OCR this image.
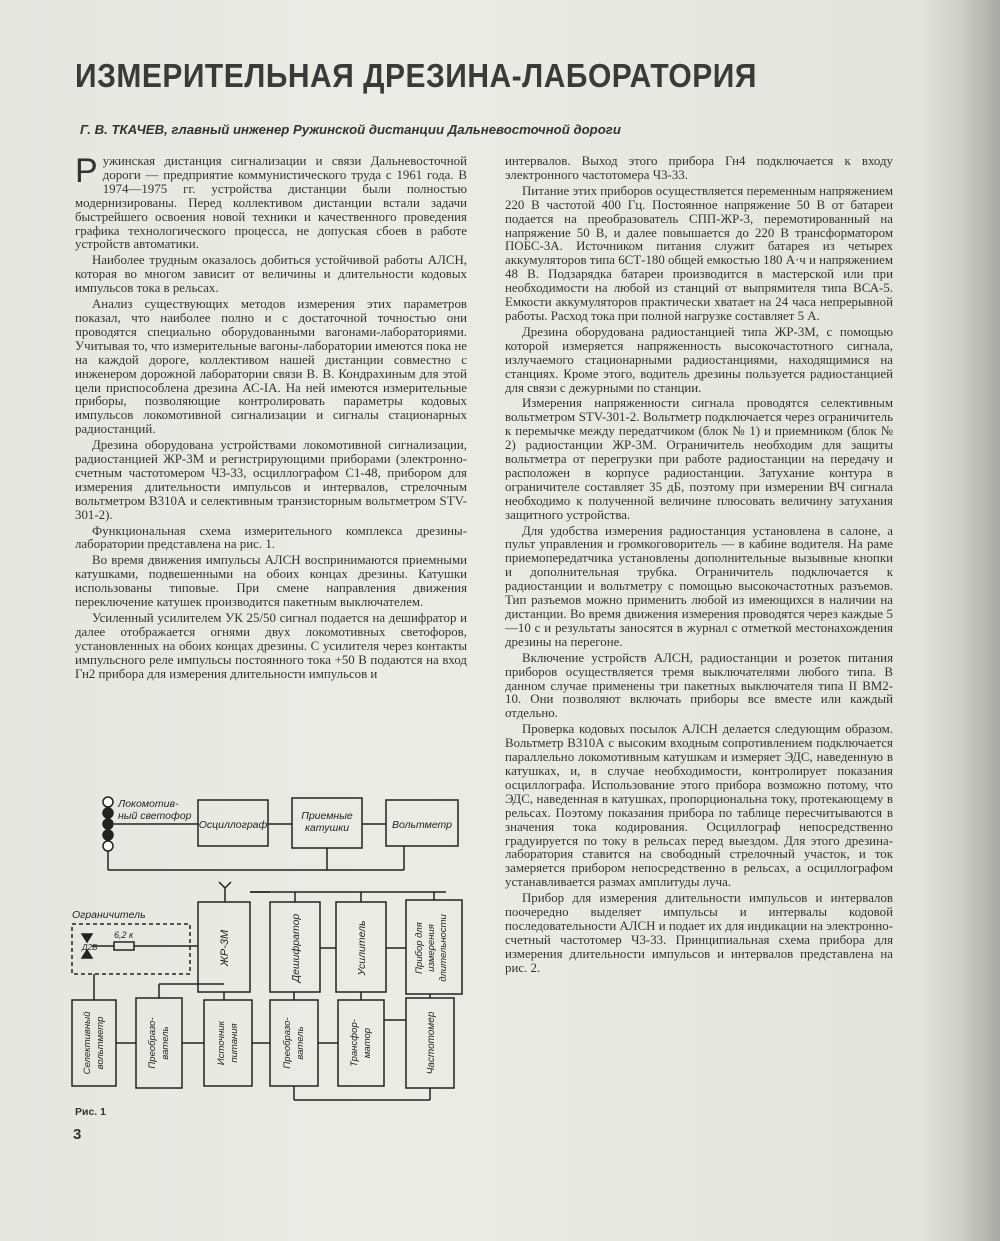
ИЗМЕРИТЕЛЬНАЯ ДРЕЗИНА-ЛАБОРАТОРИЯ
Г. В. ТКАЧЕВ, главный инженер Ружинской дистанции Дальневосточной дороги

Ружинская дистанция сигнализации и связи Дальневосточной дороги — предприятие коммунистического труда с 1961 года. В 1974—1975 гг. устройства дистанции были полностью модернизированы. Перед коллективом дистанции встали задачи быстрейшего освоения новой техники и качественного проведения графика технологического процесса, не допуская сбоев в работе устройств автоматики.

Наиболее трудным оказалось добиться устойчивой работы АЛСН, которая во многом зависит от величины и длительности кодовых импульсов тока в рельсах.

Анализ существующих методов измерения этих параметров показал, что наиболее полно и с достаточной точностью они проводятся специально оборудованными вагонами-лабораториями. Учитывая то, что измерительные вагоны-лаборатории имеются пока не на каждой дороге, коллективом нашей дистанции совместно с инженером дорожной лаборатории связи В. В. Кондрахиным для этой цели приспособлена дрезина АС-IА. На ней имеются измерительные приборы, позволяющие контролировать параметры кодовых импульсов локомотивной сигнализации и сигналы стационарных радиостанций.

Дрезина оборудована устройствами локомотивной сигнализации, радиостанцией ЖР-3М и регистрирующими приборами (электронно-счетным частотомером Ч3-33, осциллографом С1-48, прибором для измерения длительности импульсов и интервалов, стрелочным вольтметром В310А и селективным транзисторным вольтметром STV-301-2).

Функциональная схема измерительного комплекса дрезины-лаборатории представлена на рис. 1.

Во время движения импульсы АЛСН воспринимаются приемными катушками, подвешенными на обоих концах дрезины. Катушки использованы типовые. При смене направления движения переключение катушек производится пакетным выключателем.

Усиленный усилителем УК 25/50 сигнал подается на дешифратор и далее отображается огнями двух локомотивных светофоров, установленных на обоих концах дрезины. С усилителя через контакты импульсного реле импульсы постоянного тока +50 В подаются на вход Гн2 прибора для измерения длительности импульсов и

интервалов. Выход этого прибора Гн4 подключается к входу электронного частотомера Ч3-33.

Питание этих приборов осуществляется переменным напряжением 220 В частотой 400 Гц. Постоянное напряжение 50 В от батареи подается на преобразователь СПП-ЖР-3, перемотированный на напряжение 50 В, и далее повышается до 220 В трансформатором ПОБС-3А. Источником питания служит батарея из четырех аккумуляторов типа 6СТ-180 общей емкостью 180 А·ч и напряжением 48 В. Подзарядка батареи производится в мастерской или при необходимости на любой из станций от выпрямителя типа ВСА-5. Емкости аккумуляторов практически хватает на 24 часа непрерывной работы. Расход тока при полной нагрузке составляет 5 А.

Дрезина оборудована радиостанцией типа ЖР-3М, с помощью которой измеряется напряженность высокочастотного сигнала, излучаемого стационарными радиостанциями, находящимися на станциях. Кроме этого, водитель дрезины пользуется радиостанцией для связи с дежурными по станции.

Измерения напряженности сигнала проводятся селективным вольтметром STV-301-2. Вольтметр подключается через ограничитель к перемычке между передатчиком (блок № 1) и приемником (блок № 2) радиостанции ЖР-3М. Ограничитель необходим для защиты вольтметра от перегрузки при работе радиостанции на передачу и расположен в корпусе радиостанции. Затухание контура в ограничителе составляет 35 дБ, поэтому при измерении ВЧ сигнала необходимо к полученной величине плюсовать величину затухания защитного устройства.

Для удобства измерения радиостанция установлена в салоне, а пульт управления и громкоговоритель — в кабине водителя. На раме приемопередатчика установлены дополнительные вызывные кнопки и дополнительная трубка. Ограничитель подключается к радиостанции и вольтметру с помощью высокочастотных разъемов. Тип разъемов можно применить любой из имеющихся в наличии на дистанции. Во время движения измерения проводятся через каждые 5—10 с и результаты заносятся в журнал с отметкой местонахождения дрезины на перегоне.

Включение устройств АЛСН, радиостанции и розеток питания приборов осуществляется тремя выключателями любого типа. В данном случае применены три пакетных выключателя типа II ВМ2-10. Они позволяют включать приборы все вместе или каждый отдельно.

Проверка кодовых посылок АЛСН делается следующим образом. Вольтметр В310А с высоким входным сопротивлением подключается параллельно локомотивным катушкам и измеряет ЭДС, наведенную в катушках, и, в случае необходимости, контролирует показания осциллографа. Использование этого прибора возможно потому, что ЭДС, наведенная в катушках, пропорциональна току, протекающему в рельсах. Поэтому показания прибора по таблице пересчитываются в значения тока кодирования. Осциллограф непосредственно градуируется по току в рельсах перед выездом. Для этого дрезина-лаборатория ставится на свободный стрелочный участок, и ток замеряется прибором непосредственно в рельсах, а осциллографом устанавливается размах амплитуды луча.

Прибор для измерения длительности импульсов и интервалов поочередно выделяет импульсы и интервалы кодовой последовательности АЛСН и подает их для индикации на электронно-счетный частотомер Ч3-33. Принципиальная схема прибора для измерения длительности импульсов и интервалов представлена на рис. 2.

Локомотив-
ный светофор
Осциллограф
Приемные
катушки	Вольтметр
Ограничитель
Д2Б
6,2 к	ЖР-3М	Дешифратор	Усилитель	Прибор для измерения длительности
Селективный вольтметр	Преобразо- ватель	Источник питания	Преобразо- ватель	Трансфор- матор	Частотомер
Рис. 1
3
